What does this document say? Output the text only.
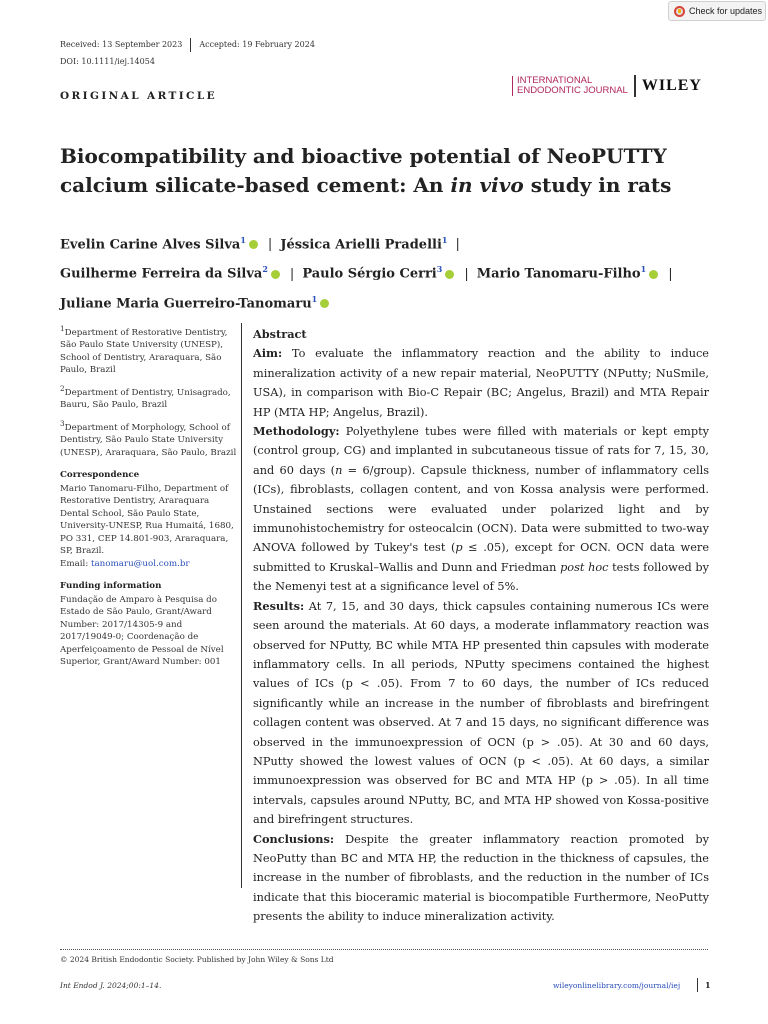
Check for updates
Received: 13 September 2023 Accepted: 19 February 2024
DOI: 10.1111/iej.14054
ORIGINAL ARTICLE
INTERNATIONAL
ENDODONTIC JOURNAL WILEY
Biocompatibility and bioactive potential of NeoPUTTY calcium silicate-based cement: An in vivo study in rats
Evelin Carine Alves Silva$^1$ | Jéssica Arielli Pradelli$^1$ |
Guilherme Ferreira da Silva$^2$ | Paulo Sérgio Cerri$^3$ | Mario Tanomaru-Filho$^1$ |
Juliane Maria Guerreiro-Tanomaru$^1$

$^1$Department of Restorative Dentistry, São Paulo State University (UNESP), School of Dentistry, Araraquara, São Paulo, Brazil

$^2$Department of Dentistry, Unisagrado, Bauru, São Paulo, Brazil

$^3$Department of Morphology, School of Dentistry, São Paulo State University (UNESP), Araraquara, São Paulo, Brazil

Correspondence

Mario Tanomaru-Filho, Department of Restorative Dentistry, Araraquara Dental School, São Paulo State, University-UNESP, Rua Humaitá, 1680, PO 331, CEP 14.801-903, Araraquara, SP, Brazil.
Email: tanomaru@uol.com.br

Funding information

Fundação de Amparo à Pesquisa do Estado de São Paulo, Grant/Award Number: 2017/14305-9 and 2017/19049-0; Coordenação de Aperfeiçoamento de Pessoal de Nível Superior, Grant/Award Number: 001

Abstract

Aim: To evaluate the inflammatory reaction and the ability to induce mineralization activity of a new repair material, NeoPUTTY (NPutty; NuSmile, USA), in comparison with Bio-C Repair (BC; Angelus, Brazil) and MTA Repair HP (MTA HP; Angelus, Brazil).

Methodology: Polyethylene tubes were filled with materials or kept empty (control group, CG) and implanted in subcutaneous tissue of rats for 7, 15, 30, and 60 days (n = 6/group). Capsule thickness, number of inflammatory cells (ICs), fibroblasts, collagen content, and von Kossa analysis were performed. Unstained sections were evaluated under polarized light and by immunohistochemistry for osteocalcin (OCN). Data were submitted to two-way ANOVA followed by Tukey's test (p ≤ .05), except for OCN. OCN data were submitted to Kruskal–Wallis and Dunn and Friedman post hoc tests followed by the Nemenyi test at a significance level of 5%.

Results: At 7, 15, and 30 days, thick capsules containing numerous ICs were seen around the materials. At 60 days, a moderate inflammatory reaction was observed for NPutty, BC while MTA HP presented thin capsules with moderate inflammatory cells. In all periods, NPutty specimens contained the highest values of ICs (p < .05). From 7 to 60 days, the number of ICs reduced significantly while an increase in the number of fibroblasts and birefringent collagen content was observed. At 7 and 15 days, no significant difference was observed in the immunoexpression of OCN (p > .05). At 30 and 60 days, NPutty showed the lowest values of OCN (p < .05). At 60 days, a similar immunoexpression was observed for BC and MTA HP (p > .05). In all time intervals, capsules around NPutty, BC, and MTA HP showed von Kossa-positive and birefringent structures.

Conclusions: Despite the greater inflammatory reaction promoted by NeoPutty than BC and MTA HP, the reduction in the thickness of capsules, the increase in the number of fibroblasts, and the reduction in the number of ICs indicate that this bioceramic material is biocompatible Furthermore, NeoPutty presents the ability to induce mineralization activity.

© 2024 British Endodontic Society. Published by John Wiley & Sons Ltd
Int Endod J. 2024;00:1–14.	wileyonlinelibrary.com/journal/iej	1
